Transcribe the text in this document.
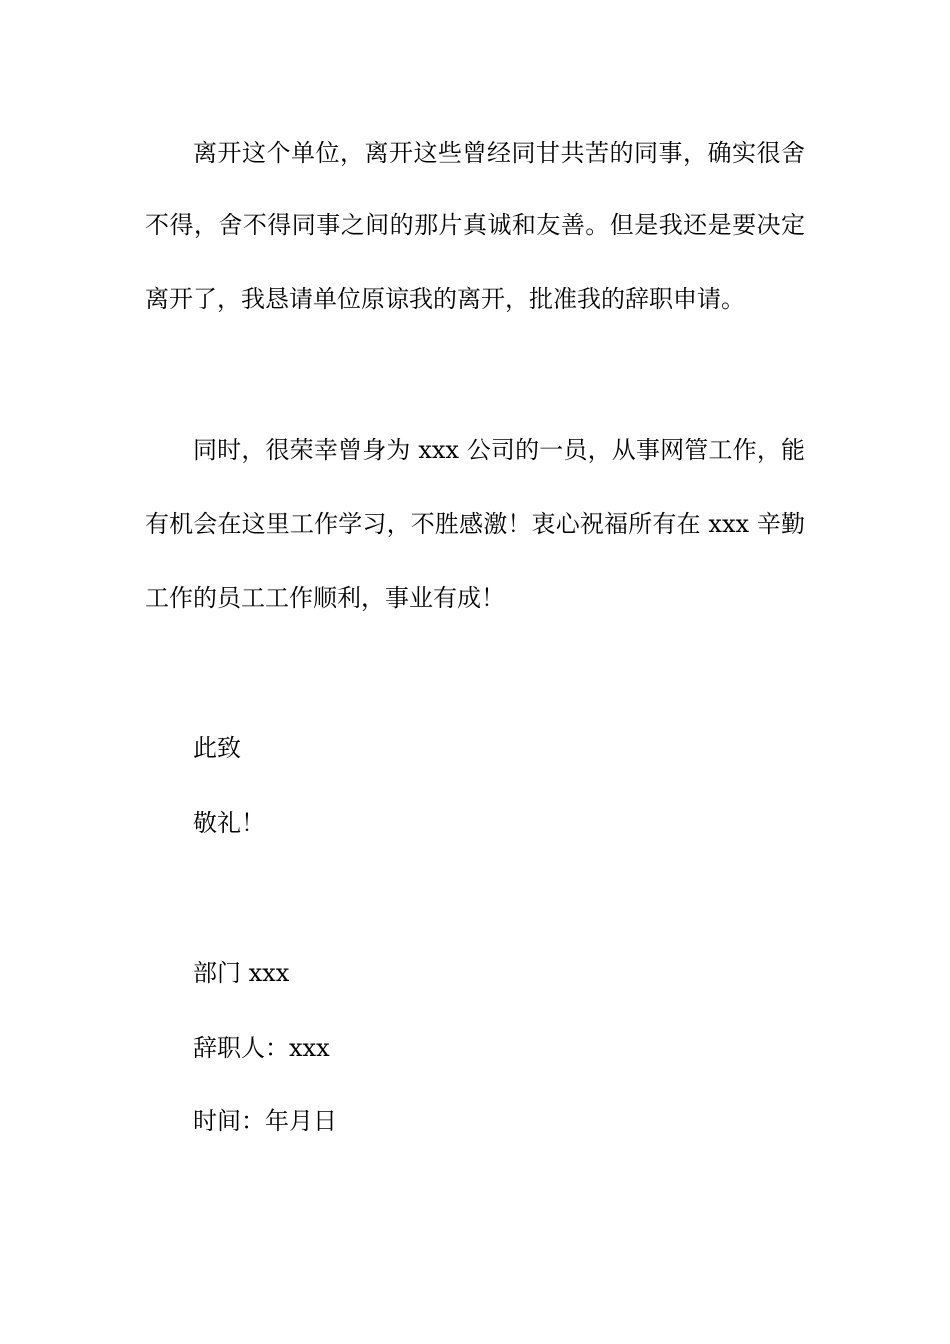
离开这个单位，离开这些曾经同甘共苦的同事，确实很舍
不得，舍不得同事之间的那片真诚和友善。但是我还是要决定
离开了，我恳请单位原谅我的离开，批准我的辞职申请。
同时，很荣幸曾身为 xxx 公司的一员，从事网管工作，能
有机会在这里工作学习，不胜感激！衷心祝福所有在 xxx 辛勤
工作的员工工作顺利，事业有成！
此致
敬礼！
部门 xxx
辞职人：xxx
时间：年月日
